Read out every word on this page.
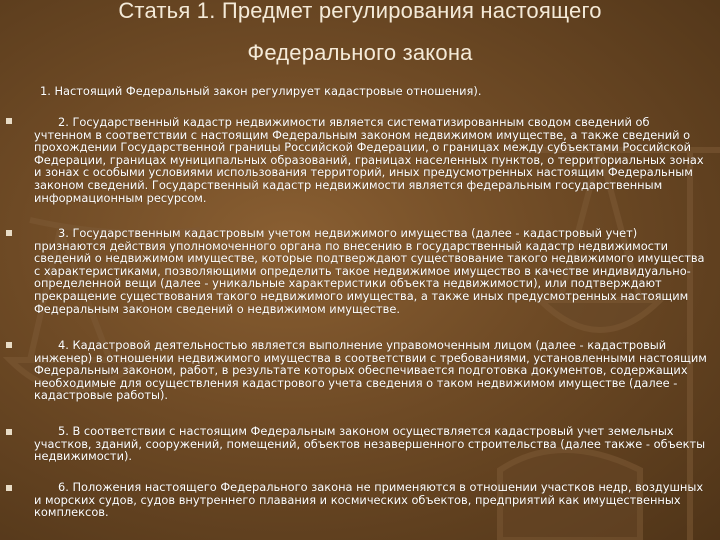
Статья 1. Предмет регулирования настоящего
Федерального закона
1. Настоящий Федеральный закон регулирует кадастровые отношения).
2. Государственный кадастр недвижимости является систематизированным сводом сведений об учтенном в соответствии с настоящим Федеральным законом недвижимом имуществе, а также сведений о прохождении Государственной границы Российской Федерации, о границах между субъектами Российской Федерации, границах муниципальных образований, границах населенных пунктов, о территориальных зонах и зонах с особыми условиями использования территорий, иных предусмотренных настоящим Федеральным законом сведений. Государственный кадастр недвижимости является федеральным государственным информационным ресурсом.
3. Государственным кадастровым учетом недвижимого имущества (далее - кадастровый учет) признаются действия уполномоченного органа по внесению в государственный кадастр недвижимости сведений о недвижимом имуществе, которые подтверждают существование такого недвижимого имущества с характеристиками, позволяющими определить такое недвижимое имущество в качестве индивидуально-определенной вещи (далее - уникальные характеристики объекта недвижимости), или подтверждают прекращение существования такого недвижимого имущества, а также иных предусмотренных настоящим Федеральным законом сведений о недвижимом имуществе.
4. Кадастровой деятельностью является выполнение управомоченным лицом (далее - кадастровый инженер) в отношении недвижимого имущества в соответствии с требованиями, установленными настоящим Федеральным законом, работ, в результате которых обеспечивается подготовка документов, содержащих необходимые для осуществления кадастрового учета сведения о таком недвижимом имуществе (далее - кадастровые работы).
5. В соответствии с настоящим Федеральным законом осуществляется кадастровый учет земельных участков, зданий, сооружений, помещений, объектов незавершенного строительства (далее также - объекты недвижимости).
6. Положения настоящего Федерального закона не применяются в отношении участков недр, воздушных и морских судов, судов внутреннего плавания и космических объектов, предприятий как имущественных комплексов.
